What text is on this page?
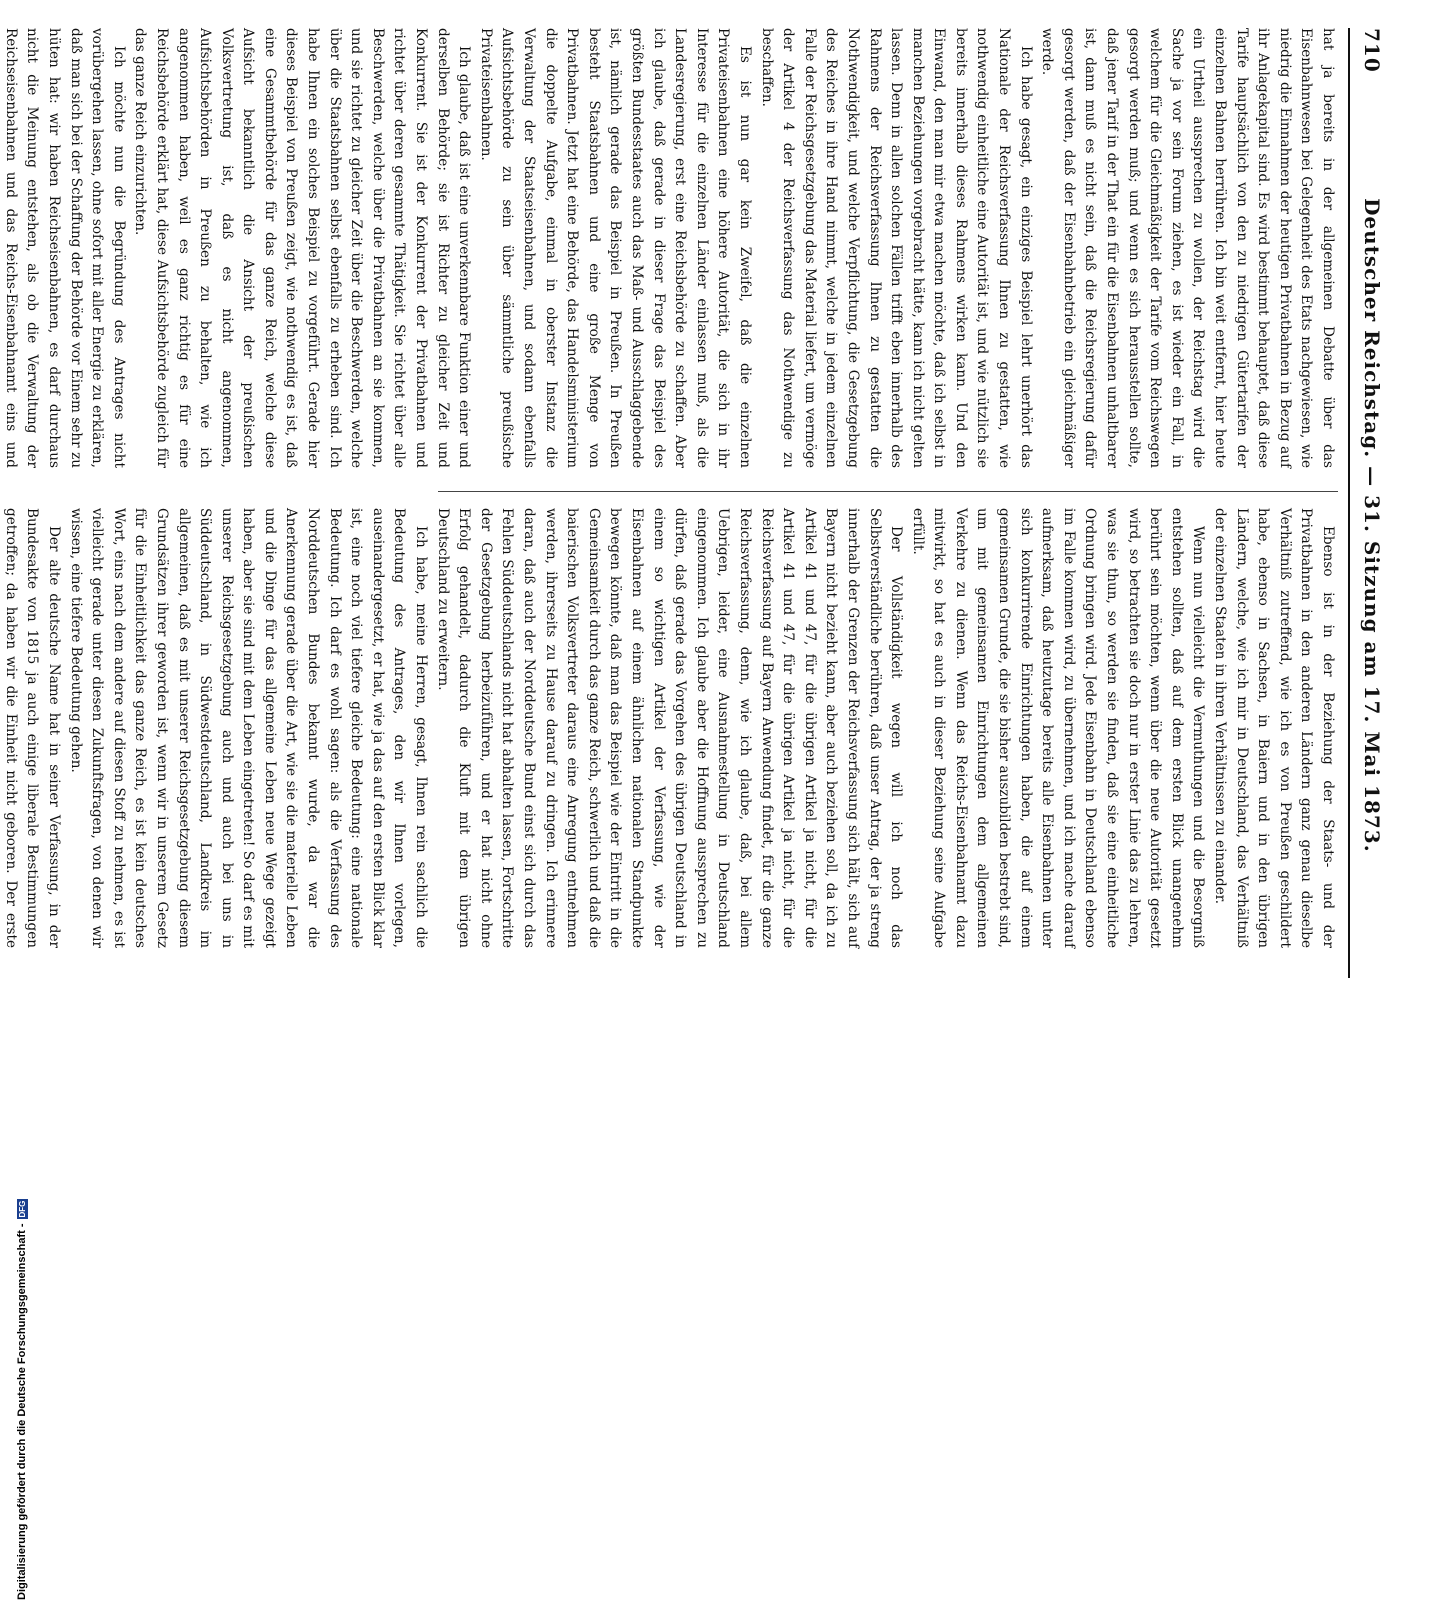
710
Deutscher Reichstag. — 31. Sitzung am 17. Mai 1873.

hat ja bereits in der allgemeinen Debatte über das Eisenbahnwesen bei Gelegenheit des Etats nachgewiesen, wie niedrig die Einnahmen der heutigen Privatbahnen in Bezug auf ihr Anlagekapital sind. Es wird bestimmt behauptet, daß diese Tarife hauptsächlich von den zu niedrigen Gütertarifen der einzelnen Bahnen herrühren. Ich bin weit entfernt, hier heute ein Urtheil aussprechen zu wollen, der Reichstag wird die Sache ja vor sein Forum ziehen, es ist wieder ein Fall, in welchem für die Gleichmäßigkeit der Tarife vom Reichswegen gesorgt werden muß; und wenn es sich herausstellen sollte, daß jener Tarif in der That ein für die Eisenbahnen unhaltbarer ist, dann muß es nicht sein, daß die Reichsregierung dafür gesorgt werden, daß der Eisenbahnbetrieb ein gleichmäßiger werde.

Ich habe gesagt, ein einziges Beispiel lehrt unerhört das Nationale der Reichsverfassung Ihnen zu gestatten, wie nothwendig einheitliche eine Autorität ist, und wie nützlich sie bereits innerhalb dieses Rahmens wirken kann. Und den Einwand, den man mir etwa machen möchte, daß ich selbst in manchen Beziehungen vorgebracht hätte, kann ich nicht gelten lassen. Denn in allen solchen Fällen trifft eben innerhalb des Rahmens der Reichsverfassung Ihnen zu gestatten die Nothwendigkeit, und welche Verpflichtung, die Gesetzgebung des Reiches in ihre Hand nimmt, welche in jedem einzelnen Falle der Reichsgesetzgebung das Material liefert, um vermöge der Artikel 4 der Reichsverfassung das Nothwendige zu beschaffen.

Es ist nun gar kein Zweifel, daß die einzelnen Privateisenbahnen eine höhere Autorität, die sich in ihr Interesse für die einzelnen Länder einlassen muß, als die Landesregierung, erst eine Reichsbehörde zu schaffen. Aber ich glaube, daß gerade in dieser Frage das Beispiel des größten Bundesstaates auch das Maß- und Ausschlaggebende ist, nämlich gerade das Beispiel in Preußen. In Preußen besteht Staatsbahnen und eine große Menge von Privatbahnen. Jetzt hat eine Behörde, das Handelsministerium die doppelte Aufgabe, einmal in oberster Instanz die Verwaltung der Staatseisenbahnen, und sodann ebenfalls Aufsichtsbehörde zu sein über sämmtliche preußische Privateisenbahnen.

Ich glaube, daß ist eine unverkennbare Funktion einer und derselben Behörde; sie ist Richter zu gleicher Zeit und Konkurrent. Sie ist der Konkurrent der Privatbahnen und richtet über deren gesammte Thätigkeit. Sie richtet über alle Beschwerden, welche über die Privatbahnen an sie kommen, und sie richtet zu gleicher Zeit über die Beschwerden, welche über die Staatsbahnen selbst ebenfalls zu erheben sind. Ich habe Ihnen ein solches Beispiel zu vorgeführt. Gerade hier dieses Beispiel von Preußen zeigt, wie nothwendig es ist, daß eine Gesammtbehörde für das ganze Reich, welche diese Aufsicht bekanntlich die Ansicht der preußischen Volksvertretung ist, daß es nicht angenommen, Aufsichtsbehörden in Preußen zu behalten, wie ich angenommen haben, weil es ganz richtig es für eine Reichsbehörde erklärt hat, diese Aufsichtsbehörde zugleich für das ganze Reich einzurichten.

Ich möchte nun die Begründung des Antrages nicht vorübergehen lassen, ohne sofort mit aller Energie zu erklären, daß man sich bei der Schaffung der Behörde vor Einem sehr zu hüten hat: wir haben Reichseisenbahnen, es darf durchaus nicht die Meinung entstehen, als ob die Verwaltung der Reichseisenbahnen und das Reichs-Eisenbahnamt eins und

Ebenso ist in der Beziehung der Staats- und der Privatbahnen in den anderen Ländern ganz genau dieselbe Verhältniß zutreffend, wie ich es von Preußen geschildert habe, ebenso in Sachsen, in Baiern und in den übrigen Ländern, welche, wie ich mir in Deutschland, das Verhältniß der einzelnen Staaten in ihren Verhältnissen zu einander.

Wenn nun vielleicht die Vermuthungen und die Besorgniß entstehen sollten, daß auf dem ersten Blick unangenehm berührt sein möchten, wenn über die neue Autorität gesetzt wird, so betrachten sie doch nur in erster Linie das zu lehren, was sie thun, so werden sie finden, daß sie eine einheitliche Ordnung bringen wird. Jede Eisenbahn in Deutschland ebenso im Falle kommen wird, zu übernehmen, und ich mache darauf aufmerksam, daß heutzutage bereits alle Eisenbahnen unter sich konkurrirende Einrichtungen haben, die auf einem gemeinsamen Grunde, die sie bisher auszubilden bestrebt sind, um mit gemeinsamen Einrichtungen dem allgemeinen Verkehre zu dienen. Wenn das Reichs-Eisenbahnamt dazu mitwirkt, so hat es auch in dieser Beziehung seine Aufgabe erfüllt.

Der Vollständigkeit wegen will ich noch das Selbstverständliche berühren, daß unser Antrag, der ja streng innerhalb der Grenzen der Reichsverfassung sich hält, sich auf Bayern nicht bezieht kann, aber auch beziehen soll, da ich zu Artikel 41 und 47, für die übrigen Artikel ja nicht, für die Artikel 41 und 47, für die übrigen Artikel ja nicht, für die Reichsverfassung auf Bayern Anwendung findet, für die ganze Reichsverfassung, denn, wie ich glaube, daß, bei allem Uebrigen, leider, eine Ausnahmestellung in Deutschland eingenommen. Ich glaube aber die Hoffnung aussprechen zu dürfen, daß gerade das Vorgehen des übrigen Deutschland in einem so wichtigen Artikel der Verfassung, wie der Eisenbahnen auf einem ähnlichen nationalen Standpunkte bewegen könnte, daß man das Beispiel wie der Eintritt in die Gemeinsamkeit durch das ganze Reich, schwerlich und daß die baierischen Volksvertreter daraus eine Anregung entnehmen werden, ihrerseits zu Hause darauf zu dringen. Ich erinnere daran, daß auch der Norddeutsche Bund einst sich durch das Fehlen Süddeutschlands nicht hat abhalten lassen, Fortschritte der Gesetzgebung herbeizuführen, und er hat nicht ohne Erfolg gehandelt, dadurch die Kluft mit dem übrigen Deutschland zu erweitern.

Ich habe, meine Herren, gesagt, Ihnen rein sachlich die Bedeutung des Antrages, den wir Ihnen vorlegen, auseinandergesetzt, er hat, wie ja das auf den ersten Blick klar ist, eine noch viel tiefere gleiche Bedeutung: eine nationale Bedeutung. Ich darf es wohl sagen: als die Verfassung des Norddeutschen Bundes bekannt wurde, da war die Anerkennung gerade über die Art, wie sie die materielle Leben und die Dinge für das allgemeine Leben neue Wege gezeigt haben, aber sie sind mit dem Leben eingetreten! So darf es mit unserer Reichsgesetzgebung auch und auch bei uns in Süddeutschland, in Südwestdeutschland, Landkreis im allgemeinen, daß es mit unserer Reichsgesetzgebung diesem Grundsätzen ihrer geworden ist, wenn wir in unserem Gesetz für die Einheitlichkeit das ganze Reich, es ist kein deutsches Wort, eins nach dem andere auf diesen Stoff zu nehmen, es ist vielleicht gerade unter diesen Zukunftsfragen, von denen wir wissen, eine tiefere Bedeutung gehen.

Der alte deutsche Name hat in seiner Verfassung, in der Bundesakte von 1815 ja auch einige liberale Bestimmungen getroffen; da haben wir die Einheit nicht geboren. Der erste

Digitalisierung gefördert durch die Deutsche Forschungsgemeinschaft -
DFG
